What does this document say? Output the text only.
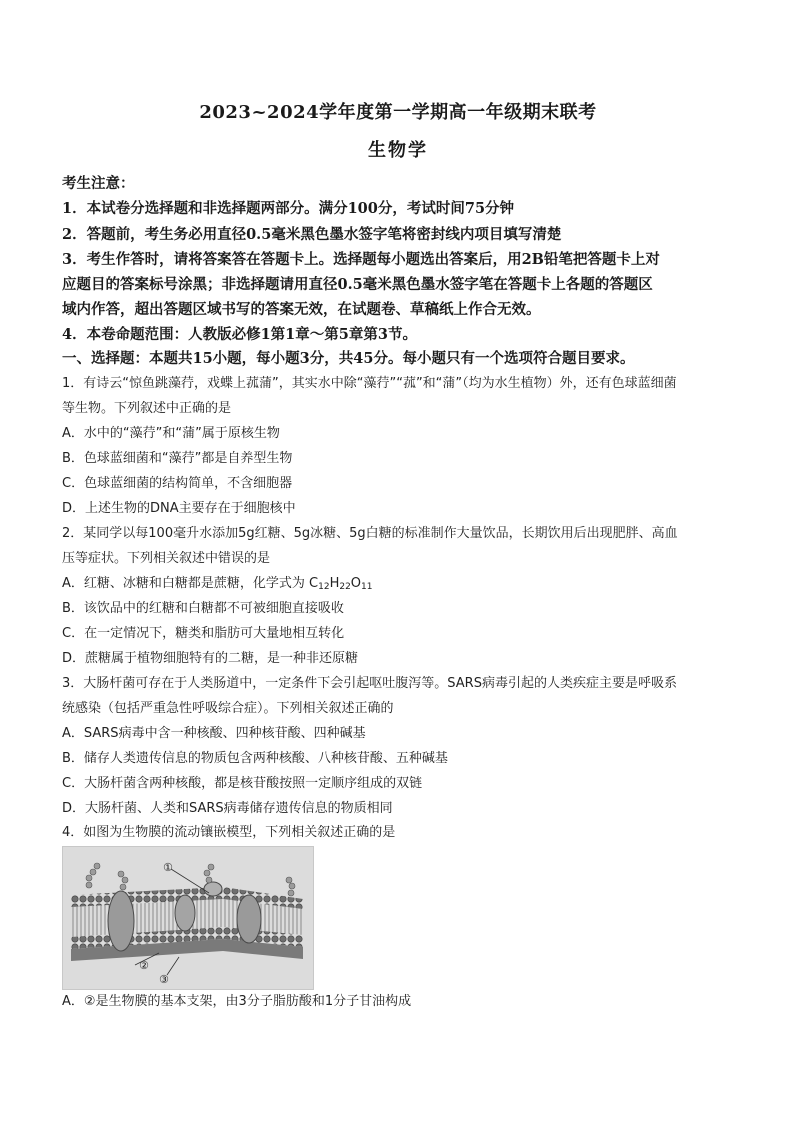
2023~2024学年度第一学期高一年级期末联考
生物学
考生注意：
1．本试卷分选择题和非选择题两部分。满分100分，考试时间75分钟
2．答题前，考生务必用直径0.5毫米黑色墨水签字笔将密封线内项目填写清楚
3．考生作答时，请将答案答在答题卡上。选择题每小题选出答案后，用2B铅笔把答题卡上对
应题目的答案标号涂黑；非选择题请用直径0.5毫米黑色墨水签字笔在答题卡上各题的答题区
域内作答，超出答题区域书写的答案无效，在试题卷、草稿纸上作合无效。
4．本卷命题范围：人教版必修1第1章～第5章第3节。
一、选择题：本题共15小题，每小题3分，共45分。每小题只有一个选项符合题目要求。
1．有诗云“惊鱼跳藻荇，戏蝶上菰蒲”，其实水中除“藻荇”“菰”和“蒲”（均为水生植物）外，还有色球蓝细菌
等生物。下列叙述中正确的是
A．水中的“藻荇”和“蒲”属于原核生物
B．色球蓝细菌和“藻荇”都是自养型生物
C．色球蓝细菌的结构简单，不含细胞器
D．上述生物的DNA主要存在于细胞核中
2．某同学以每100毫升水添加5g红糖、5g冰糖、5g白糖的标准制作大量饮品，长期饮用后出现肥胖、高血
压等症状。下列相关叙述中错误的是
A．红糖、冰糖和白糖都是蔗糖，化学式为 $C_{12}H_{22}O_{11}$
B．该饮品中的红糖和白糖都不可被细胞直接吸收
C．在一定情况下，糖类和脂肪可大量地相互转化
D．蔗糖属于植物细胞特有的二糖，是一种非还原糖
3．大肠杆菌可存在于人类肠道中，一定条件下会引起呕吐腹泻等。SARS病毒引起的人类疾症主要是呼吸系
统感染（包括严重急性呼吸综合症）。下列相关叙述正确的
A．SARS病毒中含一种核酸、四种核苷酸、四种碱基
B．储存人类遗传信息的物质包含两种核酸、八种核苷酸、五种碱基
C．大肠杆菌含两种核酸，都是核苷酸按照一定顺序组成的双链
D．大肠杆菌、人类和SARS病毒储存遗传信息的物质相同
4．如图为生物膜的流动镶嵌模型，下列相关叙述正确的是
A．②是生物膜的基本支架，由3分子脂肪酸和1分子甘油构成
①
②
③
